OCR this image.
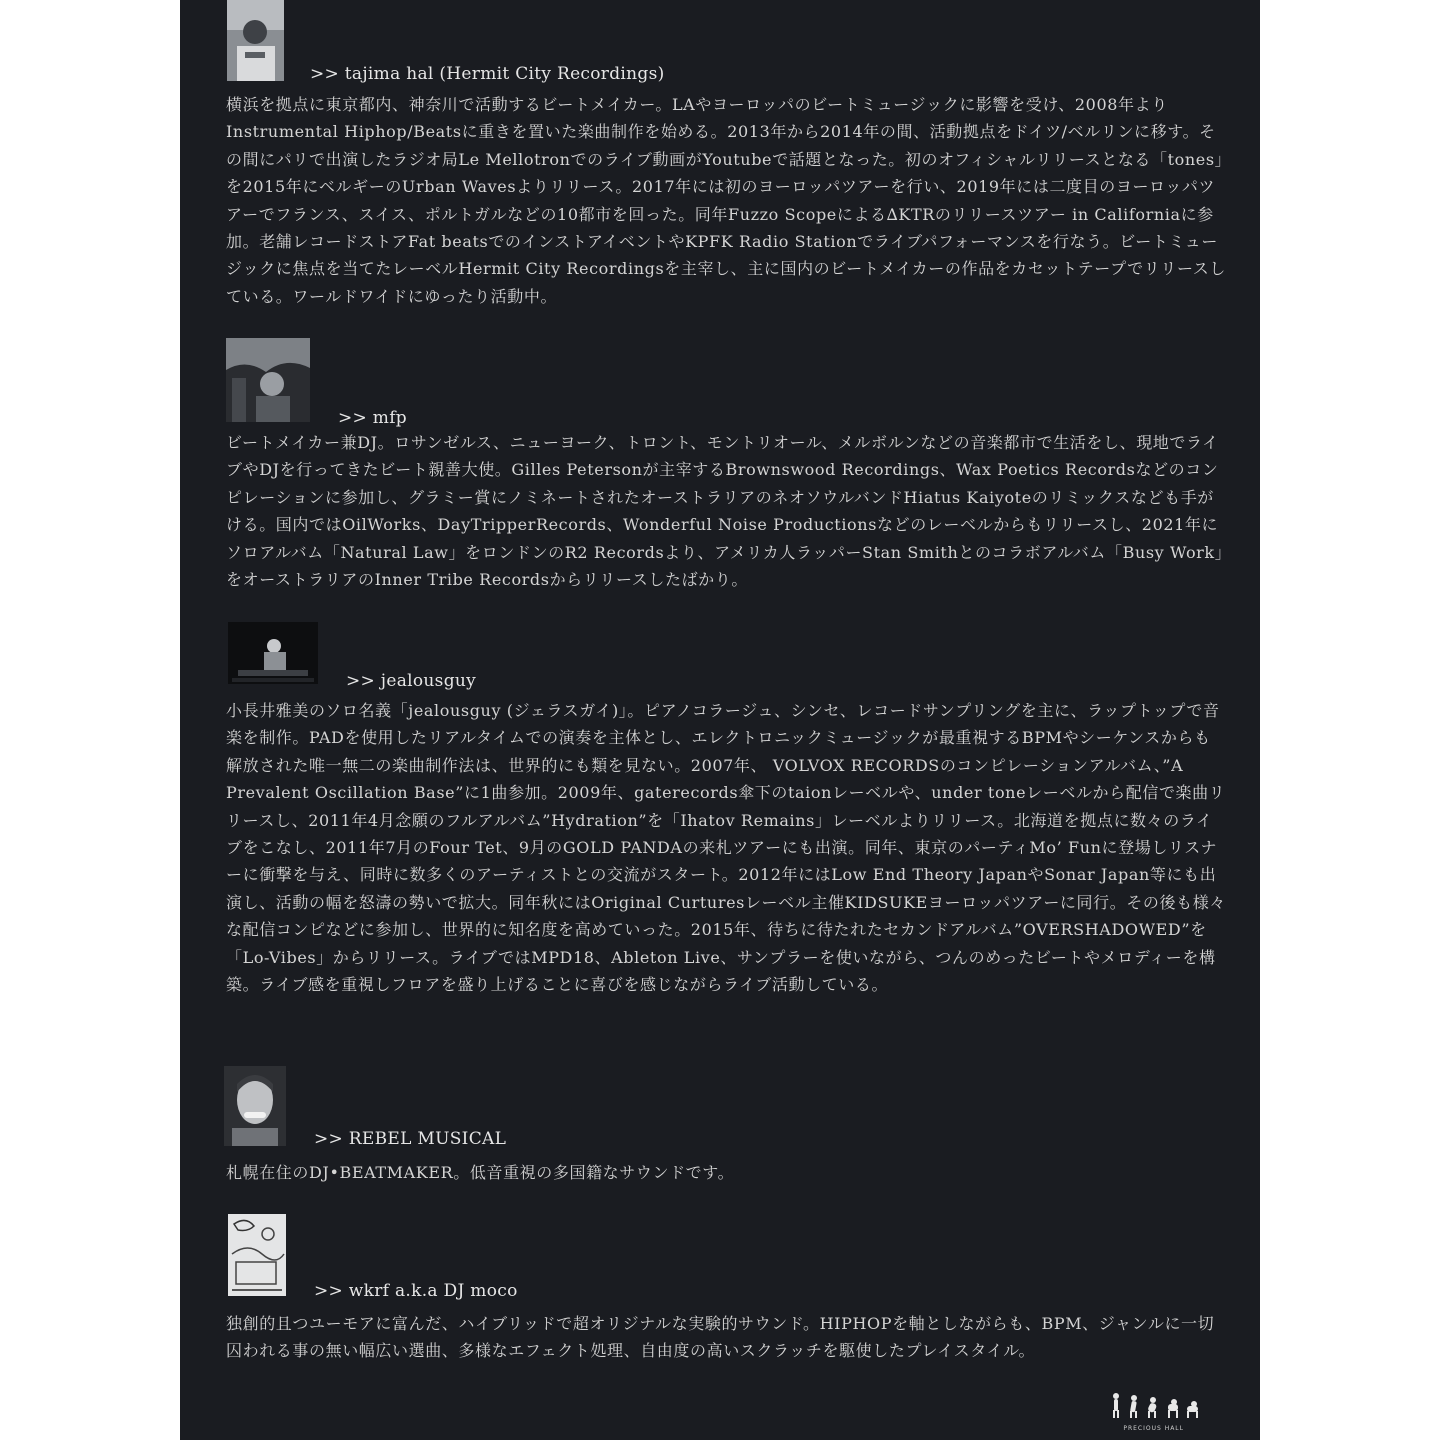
>> tajima hal (Hermit City Recordings)

横浜を拠点に東京都内、神奈川で活動するビートメイカー。LAやヨーロッパのビートミュージックに影響を受け、2008年よりInstrumental Hiphop/Beatsに重きを置いた楽曲制作を始める。2013年から2014年の間、活動拠点をドイツ/ベルリンに移す。その間にパリで出演したラジオ局Le Mellotronでのライブ動画がYoutubeで話題となった。初のオフィシャルリリースとなる「tones」を2015年にベルギーのUrban Wavesよりリリース。2017年には初のヨーロッパツアーを行い、2019年には二度目のヨーロッパツアーでフランス、スイス、ポルトガルなどの10都市を回った。同年Fuzzo Scopeによる∆KTRのリリースツアー in Californiaに参加。老舗レコードストアFat beatsでのインストアイベントやKPFK Radio Stationでライブパフォーマンスを行なう。ビートミュージックに焦点を当てたレーベルHermit City Recordingsを主宰し、主に国内のビートメイカーの作品をカセットテープでリリースしている。ワールドワイドにゆったり活動中。

>> mfp

ビートメイカー兼DJ。ロサンゼルス、ニューヨーク、トロント、モントリオール、メルボルンなどの音楽都市で生活をし、現地でライブやDJを行ってきたビート親善大使。Gilles Petersonが主宰するBrownswood Recordings、Wax Poetics Recordsなどのコンピレーションに参加し、グラミー賞にノミネートされたオーストラリアのネオソウルバンドHiatus Kaiyoteのリミックスなども手がける。国内ではOilWorks、DayTripperRecords、Wonderful Noise Productionsなどのレーベルからもリリースし、2021年にソロアルバム「Natural Law」をロンドンのR2 Recordsより、アメリカ人ラッパーStan Smithとのコラボアルバム「Busy Work」をオーストラリアのInner Tribe Recordsからリリースしたばかり。

>> jealousguy

小長井雅美のソロ名義「jealousguy (ジェラスガイ)」。ピアノコラージュ、シンセ、レコードサンプリングを主に、ラップトップで音楽を制作。PADを使用したリアルタイムでの演奏を主体とし、エレクトロニックミュージックが最重視するBPMやシーケンスからも解放された唯一無二の楽曲制作法は、世界的にも類を見ない。2007年、 VOLVOX RECORDSのコンピレーションアルバム、”A Prevalent Oscillation Base”に1曲参加。2009年、gaterecords傘下のtaionレーベルや、under toneレーベルから配信で楽曲リリースし、2011年4月念願のフルアルバム”Hydration”を「Ihatov Remains」レーベルよりリリース。北海道を拠点に数々のライブをこなし、2011年7月のFour Tet、9月のGOLD PANDAの来札ツアーにも出演。同年、東京のパーティMo’ Funに登場しリスナーに衝撃を与え、同時に数多くのアーティストとの交流がスタート。2012年にはLow End Theory JapanやSonar Japan等にも出演し、活動の幅を怒濤の勢いで拡大。同年秋にはOriginal Curturesレーベル主催KIDSUKEヨーロッパツアーに同行。その後も様々な配信コンピなどに参加し、世界的に知名度を高めていった。2015年、待ちに待たれたセカンドアルバム”OVERSHADOWED”を「Lo-Vibes」からリリース。ライブではMPD18、Ableton Live、サンプラーを使いながら、つんのめったビートやメロディーを構築。ライブ感を重視しフロアを盛り上げることに喜びを感じながらライブ活動している。

>> REBEL MUSICAL

札幌在住のDJ•BEATMAKER。低音重視の多国籍なサウンドです。

>> wkrf a.k.a DJ moco

独創的且つユーモアに富んだ、ハイブリッドで超オリジナルな実験的サウンド。HIPHOPを軸としながらも、BPM、ジャンルに一切囚われる事の無い幅広い選曲、多様なエフェクト処理、自由度の高いスクラッチを駆使したプレイスタイル。

PRECIOUS HALL
